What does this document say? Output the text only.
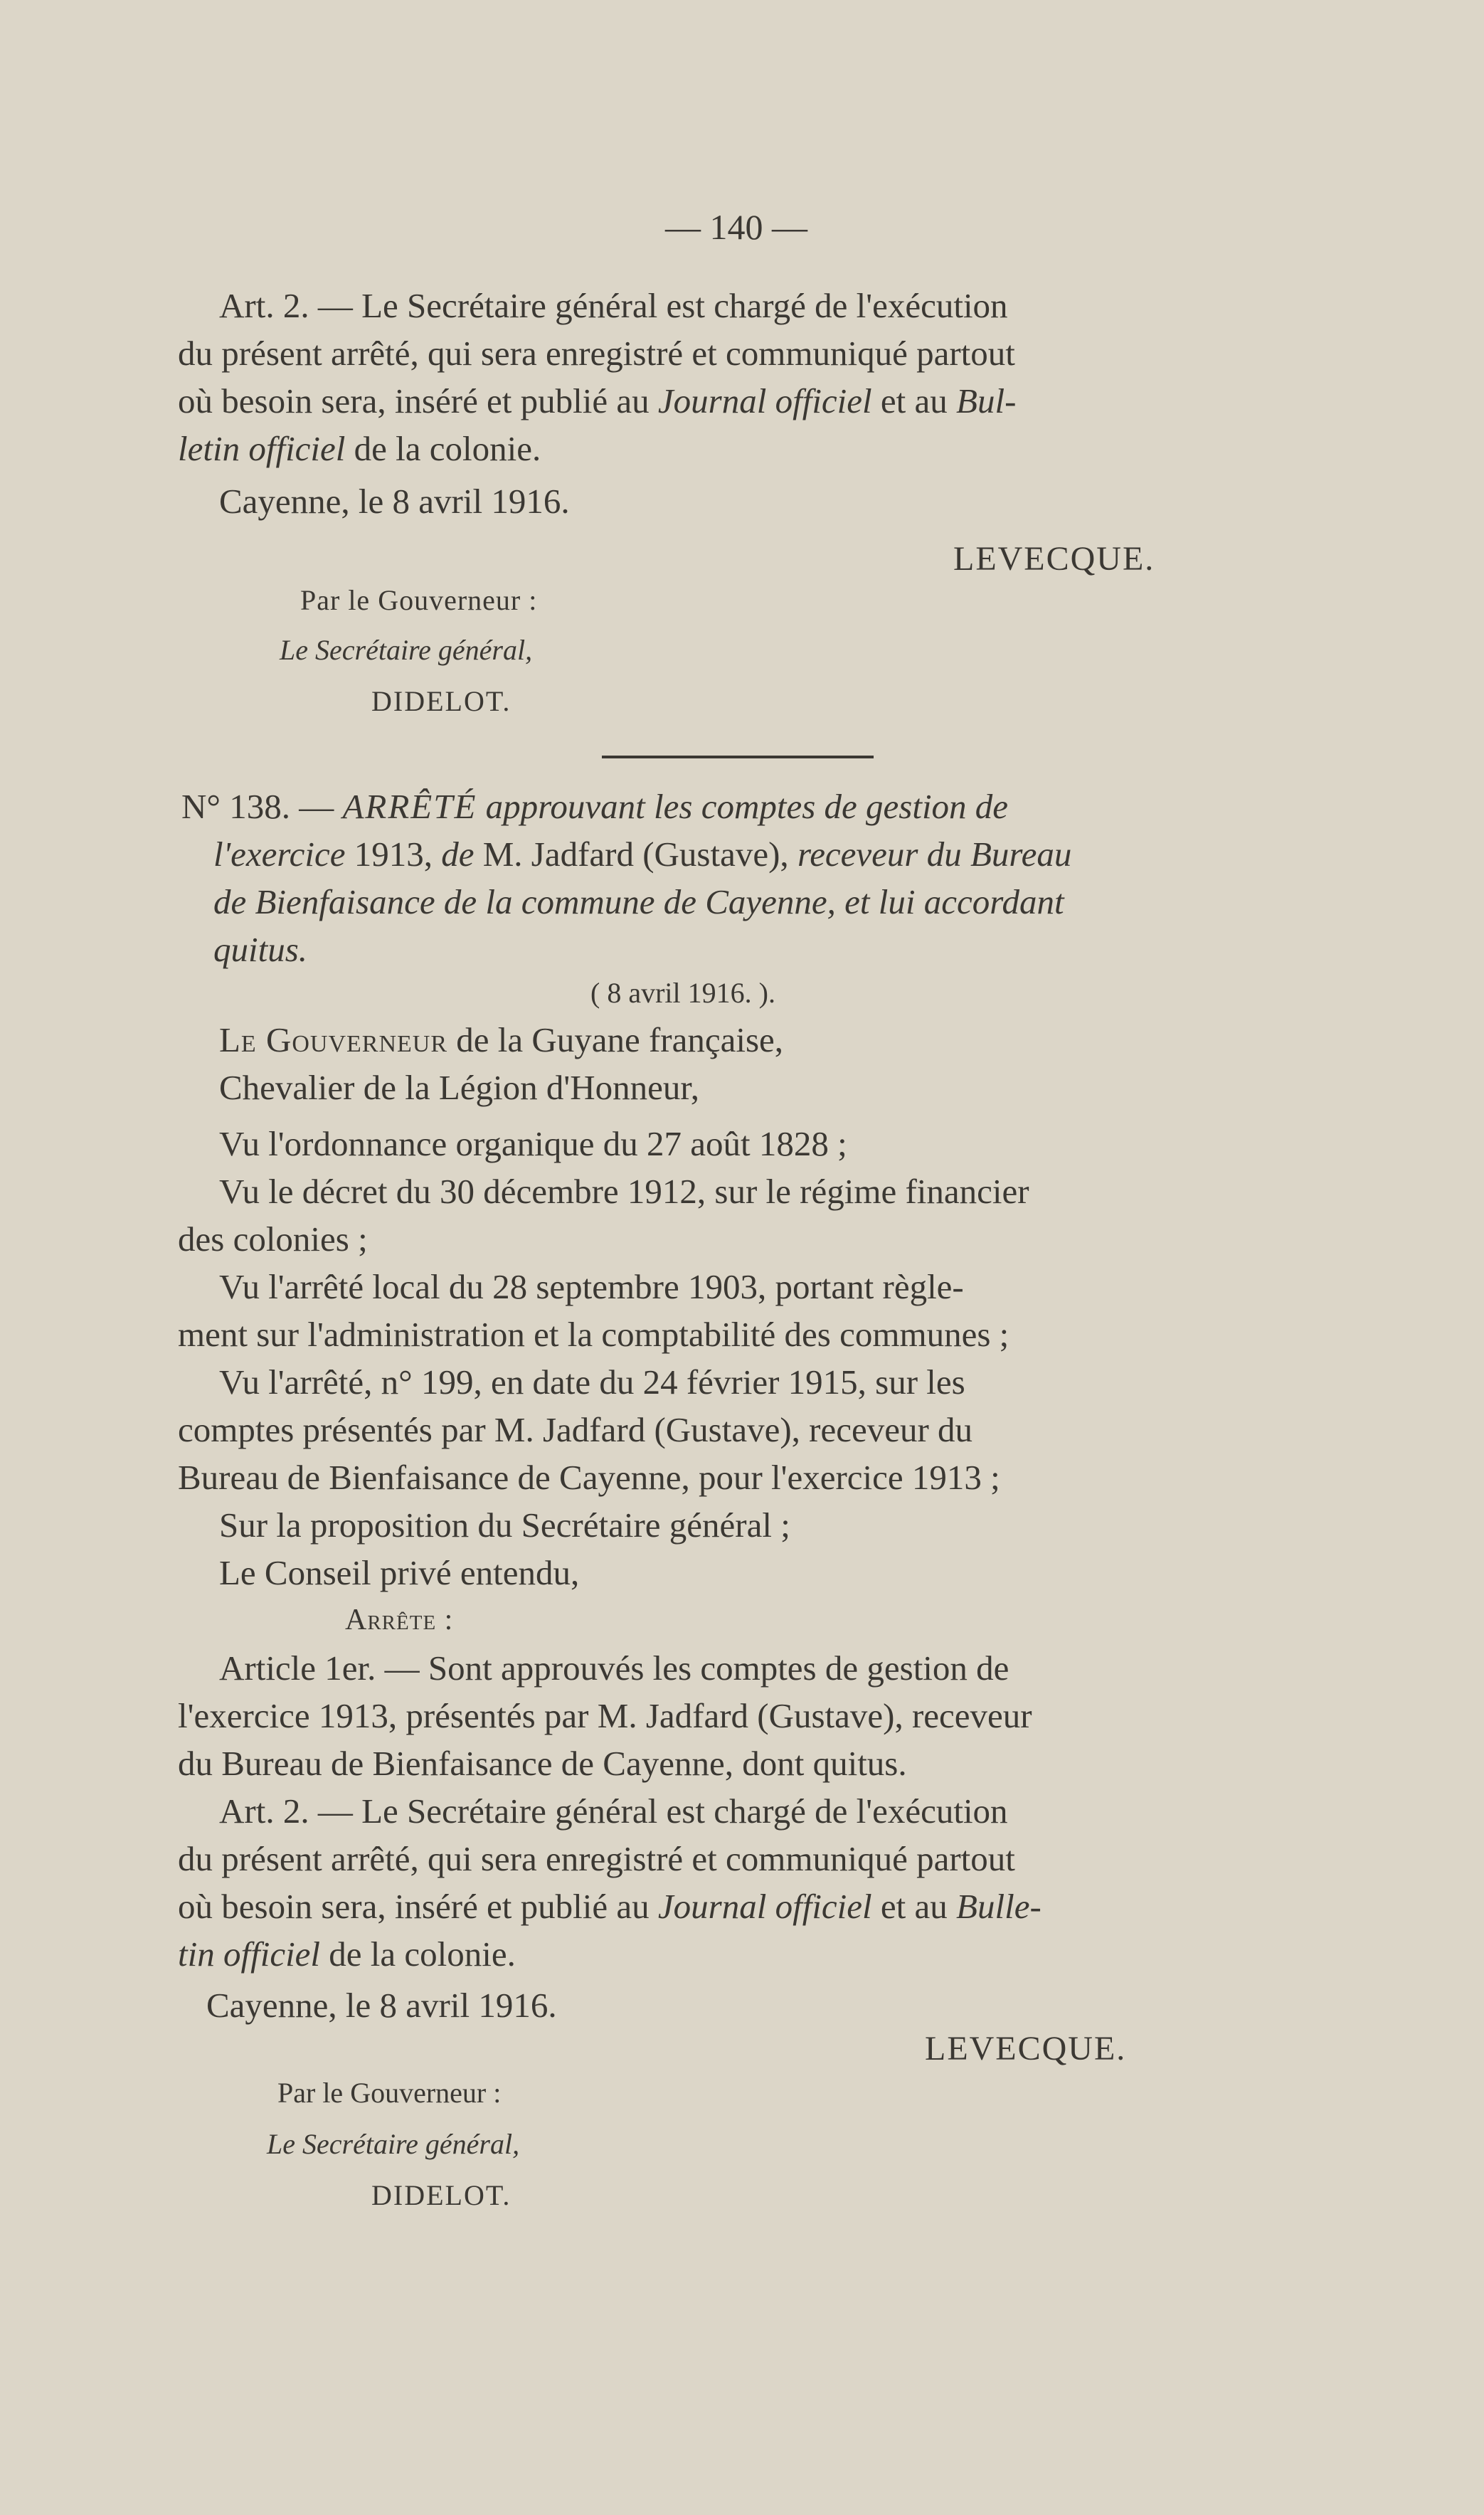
— 140 —

Art. 2. — Le Secrétaire général est chargé de l'exécution

du présent arrêté, qui sera enregistré et communiqué partout

où besoin sera, inséré et publié au Journal officiel et au Bul-

letin officiel de la colonie.

Cayenne, le 8 avril 1916.
LEVECQUE.
Par le Gouverneur :
Le Secrétaire général,
DIDELOT.

N° 138. — ARRÊTÉ approuvant les comptes de gestion de

l'exercice 1913, de M. Jadfard (Gustave), receveur du Bureau

de Bienfaisance de la commune de Cayenne, et lui accordant

quitus.

( 8 avril 1916. ).

Le Gouverneur de la Guyane française,

Chevalier de la Légion d'Honneur,

Vu l'ordonnance organique du 27 août 1828 ;

Vu le décret du 30 décembre 1912, sur le régime financier

des colonies ;

Vu l'arrêté local du 28 septembre 1903, portant règle-

ment sur l'administration et la comptabilité des communes ;

Vu l'arrêté, n° 199, en date du 24 février 1915, sur les

comptes présentés par M. Jadfard (Gustave), receveur du

Bureau de Bienfaisance de Cayenne, pour l'exercice 1913 ;

Sur la proposition du Secrétaire général ;

Le Conseil privé entendu,

Arrête :

Article 1er. — Sont approuvés les comptes de gestion de

l'exercice 1913, présentés par M. Jadfard (Gustave), receveur

du Bureau de Bienfaisance de Cayenne, dont quitus.

Art. 2. — Le Secrétaire général est chargé de l'exécution

du présent arrêté, qui sera enregistré et communiqué partout

où besoin sera, inséré et publié au Journal officiel et au Bulle-

tin officiel de la colonie.

Cayenne, le 8 avril 1916.
LEVECQUE.
Par le Gouverneur :
Le Secrétaire général,
DIDELOT.
